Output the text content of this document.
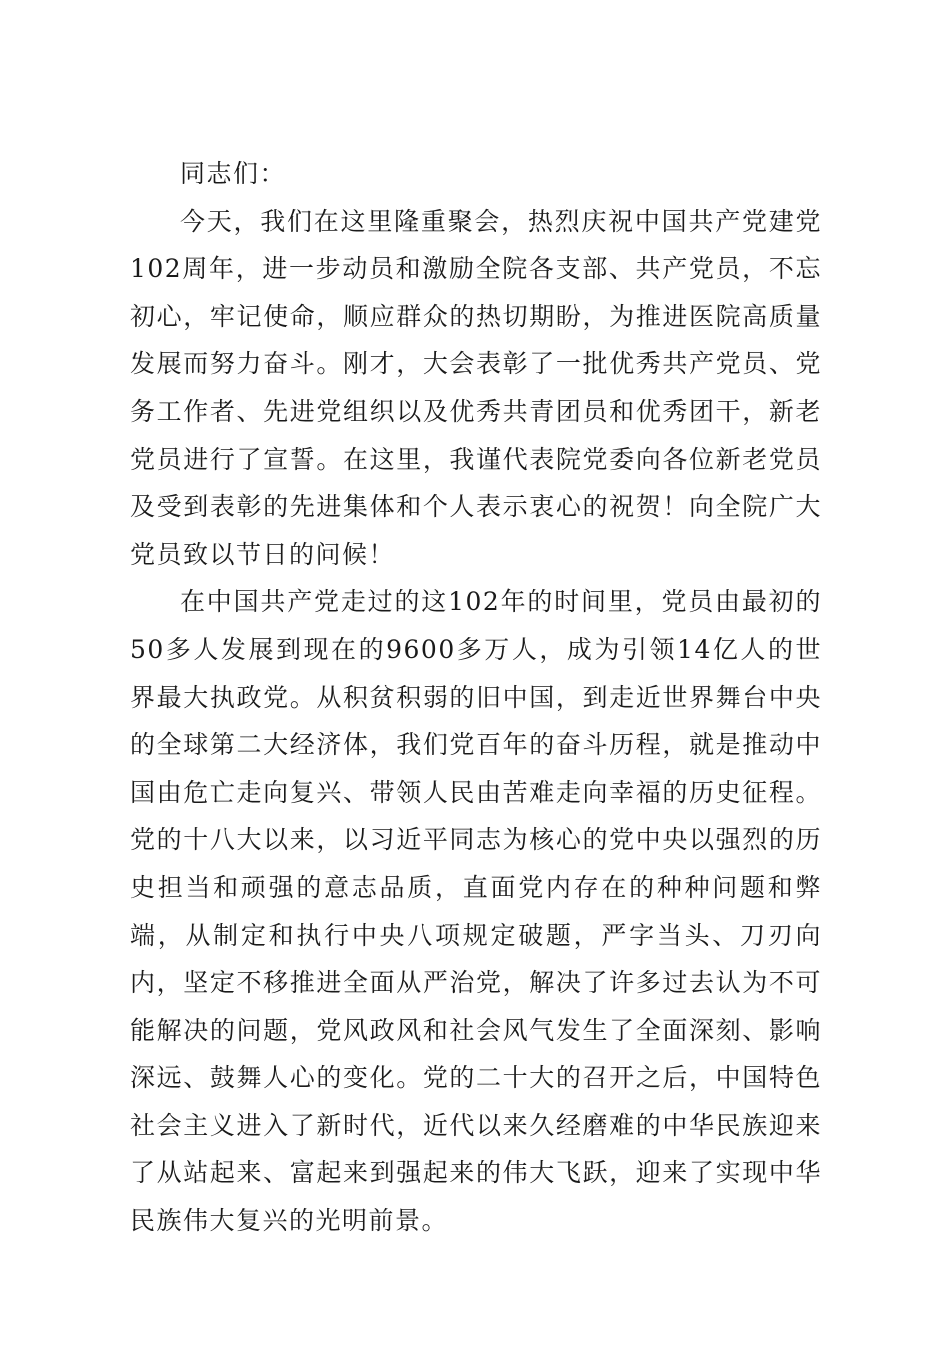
同志们：

今天，我们在这里隆重聚会，热烈庆祝中国共产党建党102周年，进一步动员和激励全院各支部、共产党员，不忘初心，牢记使命，顺应群众的热切期盼，为推进医院高质量发展而努力奋斗。刚才，大会表彰了一批优秀共产党员、党务工作者、先进党组织以及优秀共青团员和优秀团干，新老党员进行了宣誓。在这里，我谨代表院党委向各位新老党员及受到表彰的先进集体和个人表示衷心的祝贺！向全院广大党员致以节日的问候！

在中国共产党走过的这102年的时间里，党员由最初的50多人发展到现在的9600多万人，成为引领14亿人的世界最大执政党。从积贫积弱的旧中国，到走近世界舞台中央的全球第二大经济体，我们党百年的奋斗历程，就是推动中国由危亡走向复兴、带领人民由苦难走向幸福的历史征程。党的十八大以来，以习近平同志为核心的党中央以强烈的历史担当和顽强的意志品质，直面党内存在的种种问题和弊端，从制定和执行中央八项规定破题，严字当头、刀刃向内，坚定不移推进全面从严治党，解决了许多过去认为不可能解决的问题，党风政风和社会风气发生了全面深刻、影响深远、鼓舞人心的变化。党的二十大的召开之后，中国特色社会主义进入了新时代，近代以来久经磨难的中华民族迎来了从站起来、富起来到强起来的伟大飞跃，迎来了实现中华民族伟大复兴的光明前景。
